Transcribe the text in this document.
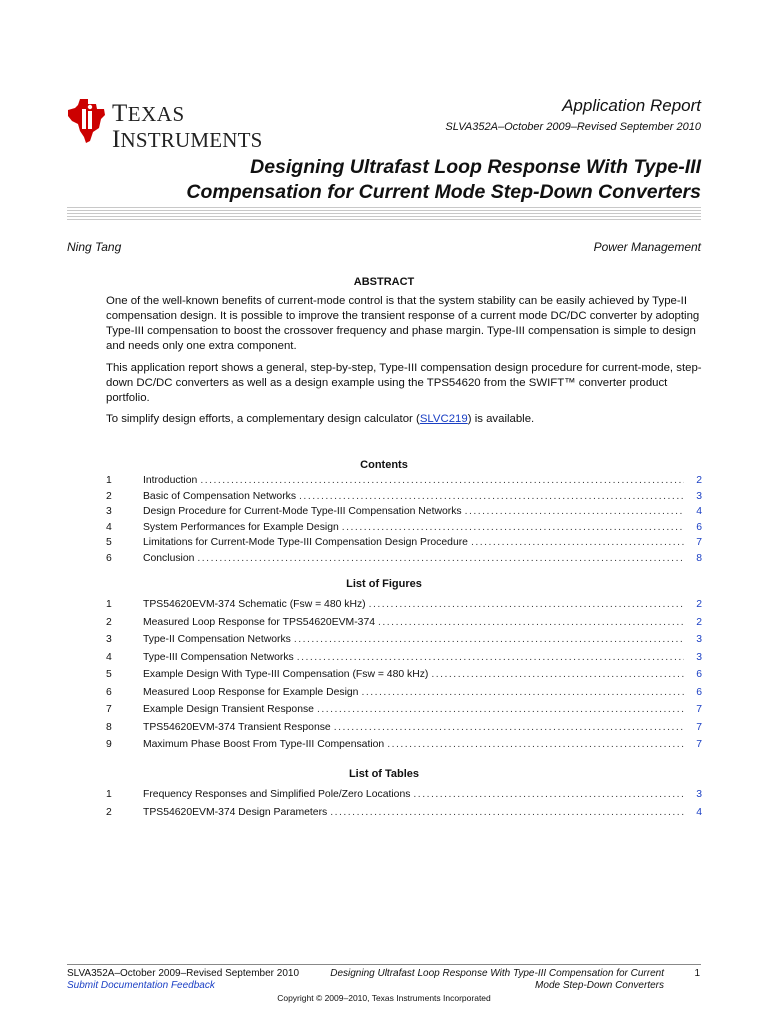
TEXAS
INSTRUMENTS
Application Report
SLVA352A–October 2009–Revised September 2010
Designing Ultrafast Loop Response With Type-III
Compensation for Current Mode Step-Down Converters
Ning Tang	Power Management
ABSTRACT
One of the well-known benefits of current-mode control is that the system stability can be easily achieved by Type-II compensation design. It is possible to improve the transient response of a current mode DC/DC converter by adopting Type-III compensation to boost the crossover frequency and phase margin. Type-III compensation is simple to design and needs only one extra component.
This application report shows a general, step-by-step, Type-III compensation design procedure for current-mode, step-down DC/DC converters as well as a design example using the TPS54620 from the SWIFT™ converter product portfolio.
To simplify design efforts, a complementary design calculator (SLVC219) is available.
Contents
1	Introduction .....	2
2	Basic of Compensation Networks .....	3
3	Design Procedure for Current-Mode Type-III Compensation Networks .....	4
4	System Performances for Example Design .....	6
5	Limitations for Current-Mode Type-III Compensation Design Procedure .....	7
6	Conclusion .....	8
List of Figures
1	TPS54620EVM-374 Schematic (Fsw = 480 kHz) .....	2
2	Measured Loop Response for TPS54620EVM-374 .....	2
3	Type-II Compensation Networks .....	3
4	Type-III Compensation Networks .....	3
5	Example Design With Type-III Compensation (Fsw = 480 kHz) .....	6
6	Measured Loop Response for Example Design .....	6
7	Example Design Transient Response .....	7
8	TPS54620EVM-374 Transient Response .....	7
9	Maximum Phase Boost From Type-III Compensation .....	7
List of Tables
1	Frequency Responses and Simplified Pole/Zero Locations .....	3
2	TPS54620EVM-374 Design Parameters .....	4
SLVA352A–October 2009–Revised September 2010
Submit Documentation Feedback
Designing Ultrafast Loop Response With Type-III Compensation for Current
Mode Step-Down Converters
1
Copyright © 2009–2010, Texas Instruments Incorporated
